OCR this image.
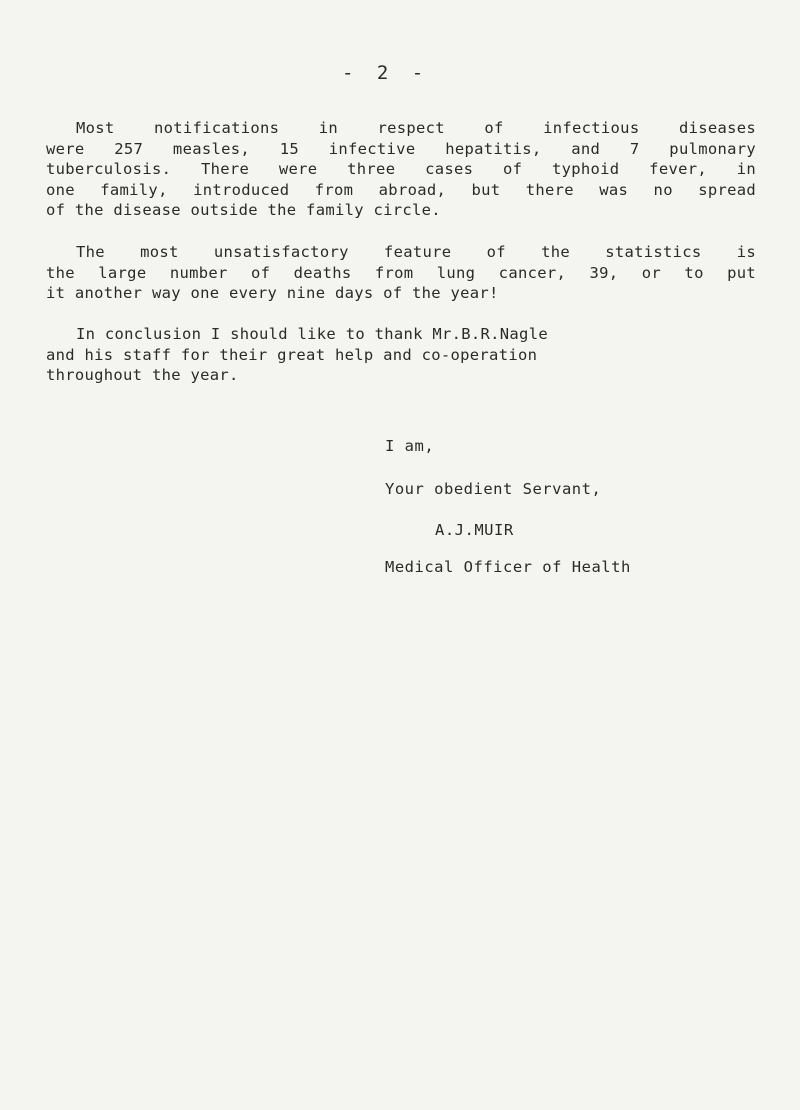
- 2 -

Most notifications in respect of infectious diseases
were 257 measles, 15 infective hepatitis, and 7 pulmonary
tuberculosis. There were three cases of typhoid fever, in
one family, introduced from abroad, but there was no spread
of the disease outside the family circle.

The most unsatisfactory feature of the statistics is
the large number of deaths from lung cancer, 39, or to put
it another way one every nine days of the year!

In conclusion I should like to thank Mr.B.R.Nagle
and his staff for their great help and co-operation
throughout the year.

I am,

Your obedient Servant,

A.J.MUIR

Medical Officer of Health
